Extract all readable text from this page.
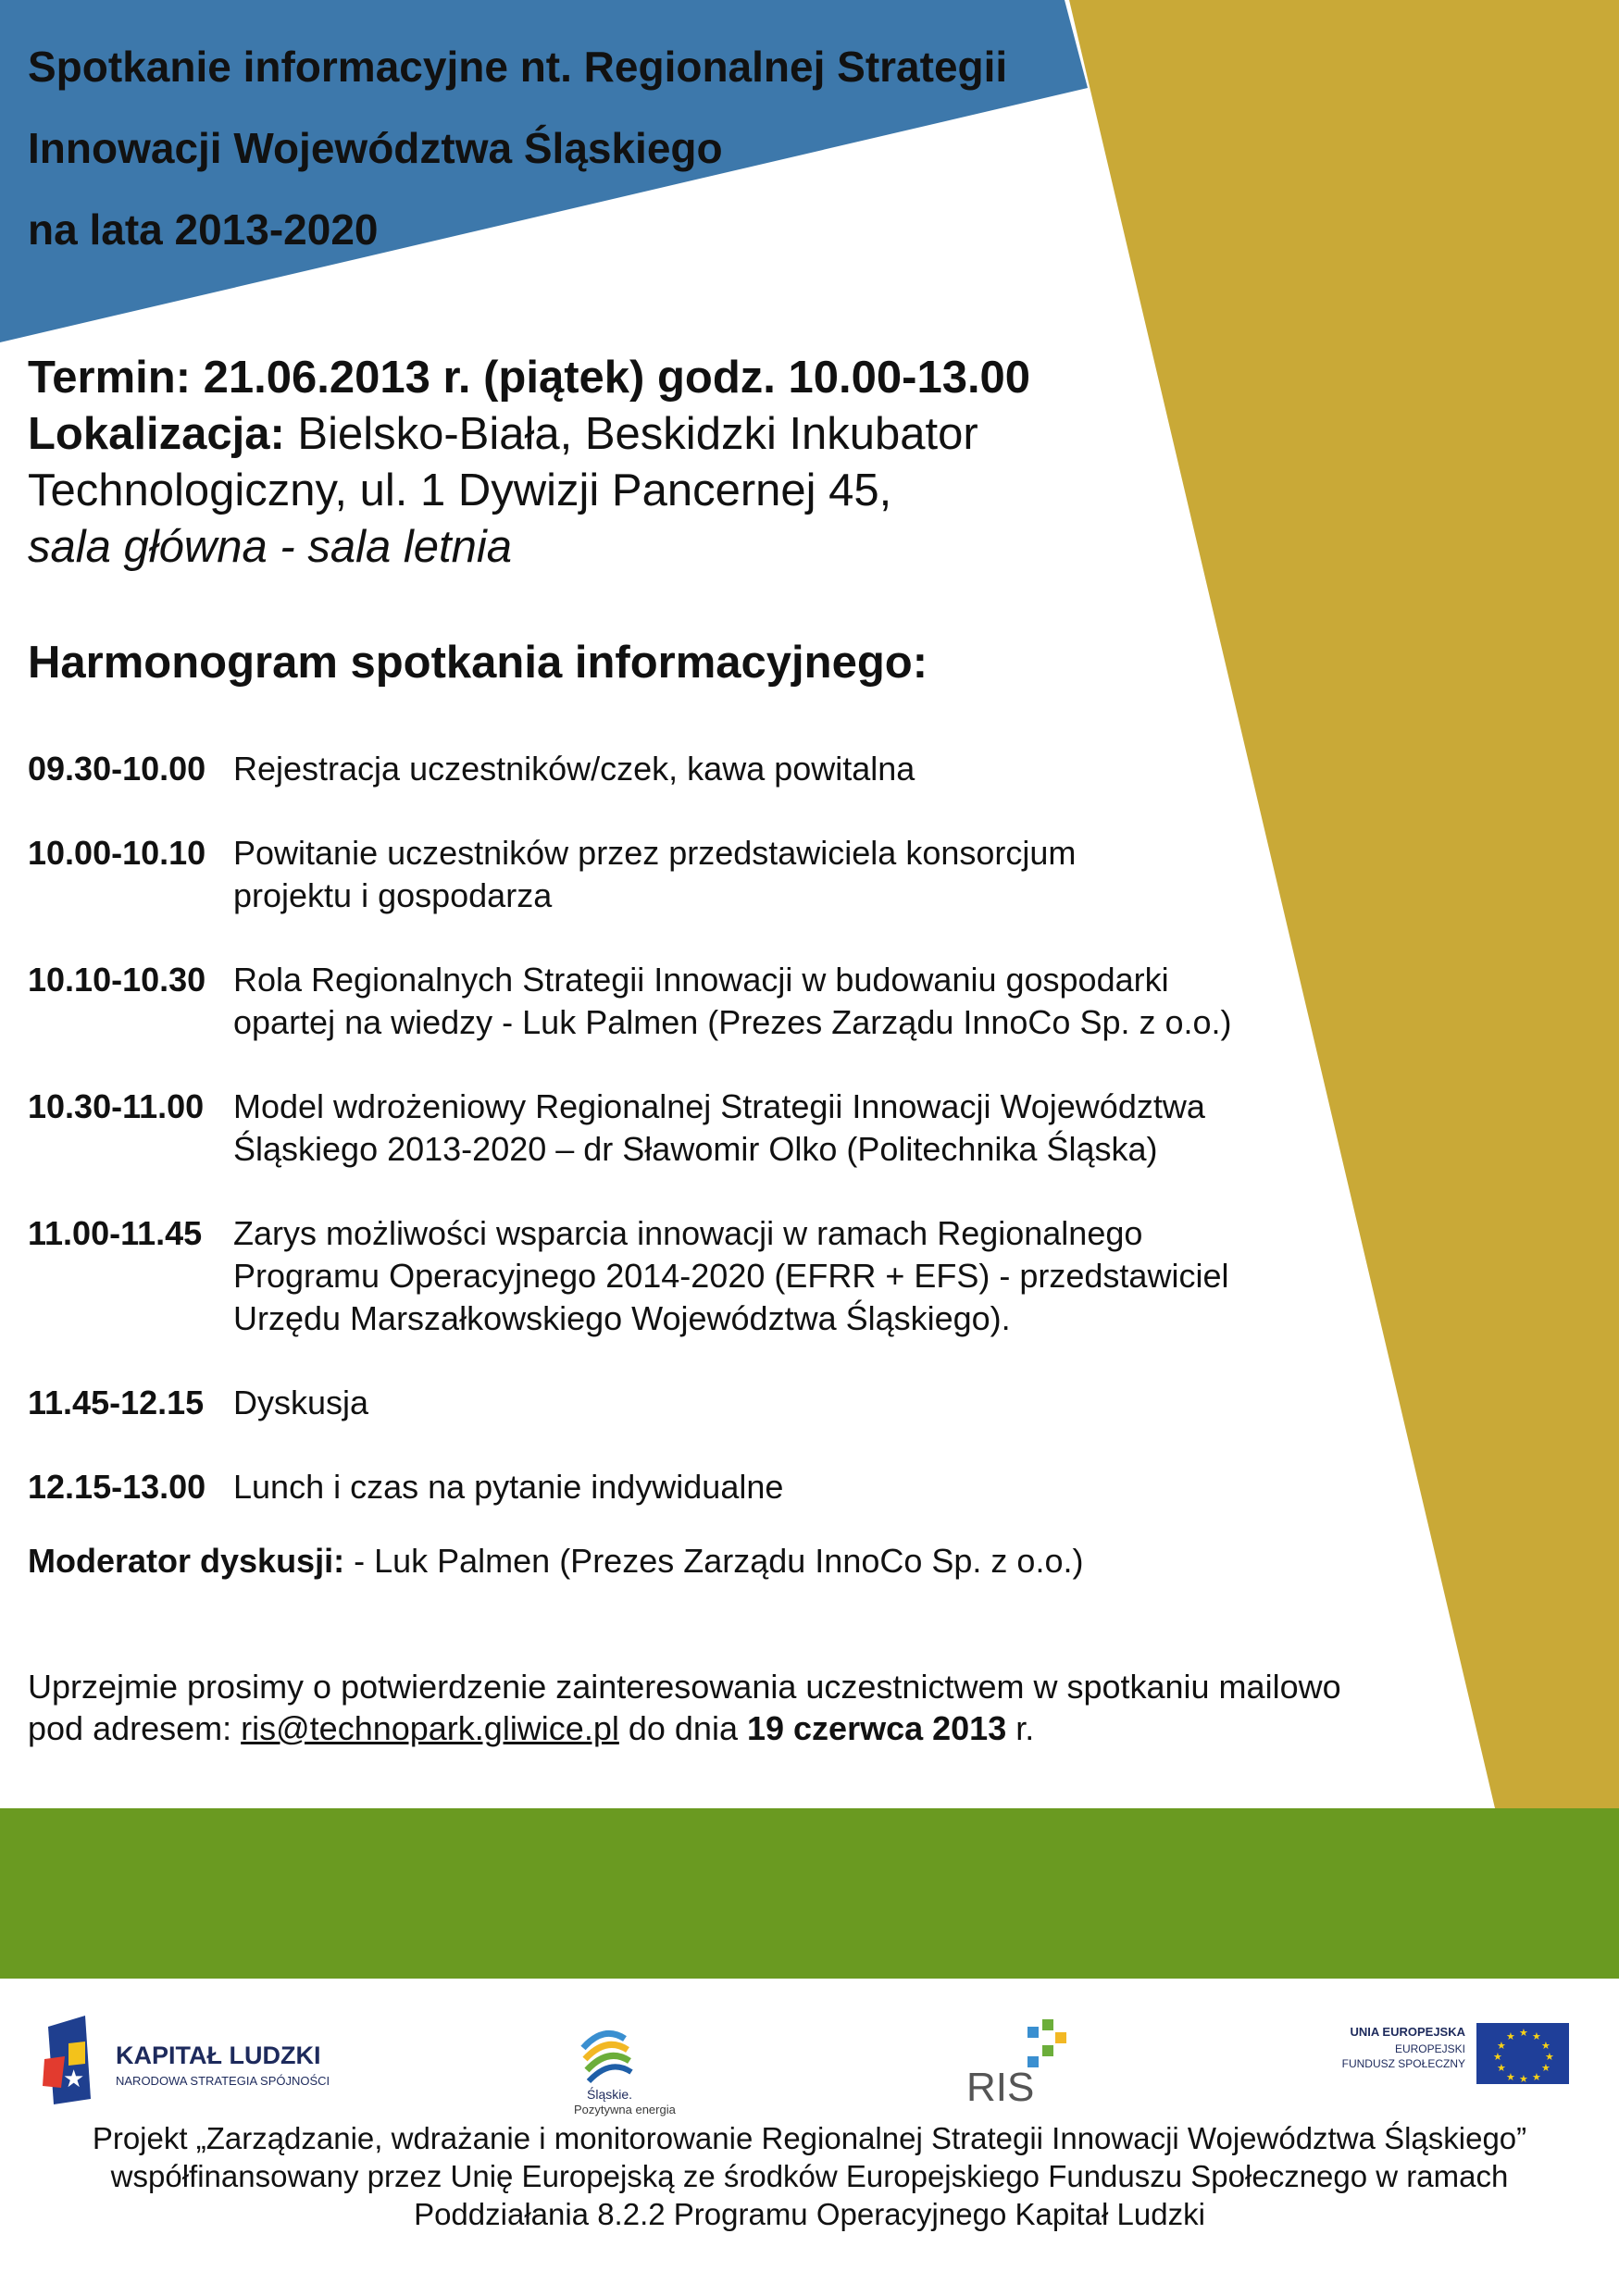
Spotkanie informacyjne nt. Regionalnej Strategii
Innowacji Województwa Śląskiego
na lata 2013-2020
Termin: 21.06.2013 r. (piątek) godz. 10.00-13.00
Lokalizacja: Bielsko-Biała, Beskidzki Inkubator
Technologiczny, ul. 1 Dywizji Pancernej 45,
sala główna - sala letnia
Harmonogram spotkania informacyjnego:
09.30-10.00 Rejestracja uczestników/czek, kawa powitalna
10.00-10.10 Powitanie uczestników przez przedstawiciela konsorcjum
projektu i gospodarza
10.10-10.30 Rola Regionalnych Strategii Innowacji w budowaniu gospodarki
opartej na wiedzy - Luk Palmen (Prezes Zarządu InnoCo Sp. z o.o.)
10.30-11.00 Model wdrożeniowy Regionalnej Strategii Innowacji Województwa
Śląskiego 2013-2020 – dr Sławomir Olko (Politechnika Śląska)
11.00-11.45 Zarys możliwości wsparcia innowacji w ramach Regionalnego
Programu Operacyjnego 2014-2020 (EFRR + EFS) - przedstawiciel
Urzędu Marszałkowskiego Województwa Śląskiego).
11.45-12.15 Dyskusja
12.15-13.00 Lunch i czas na pytanie indywidualne
Moderator dyskusji: - Luk Palmen (Prezes Zarządu InnoCo Sp. z o.o.)
Uprzejmie prosimy o potwierdzenie zainteresowania uczestnictwem w spotkaniu mailowo
pod adresem: ris@technopark.gliwice.pl do dnia 19 czerwca 2013 r.
★
KAPITAŁ LUDZKI
NARODOWA STRATEGIA SPÓJNOŚCI
Śląskie.
Pozytywna energia	RIS
UNIA EUROPEJSKA
EUROPEJSKI
FUNDUSZ SPOŁECZNY
★ ★
★
★
★
★
★
★
★
★
★
★
Projekt „Zarządzanie, wdrażanie i monitorowanie Regionalnej Strategii Innowacji Województwa Śląskiego”
współfinansowany przez Unię Europejską ze środków Europejskiego Funduszu Społecznego w ramach
Poddziałania 8.2.2 Programu Operacyjnego Kapitał Ludzki
